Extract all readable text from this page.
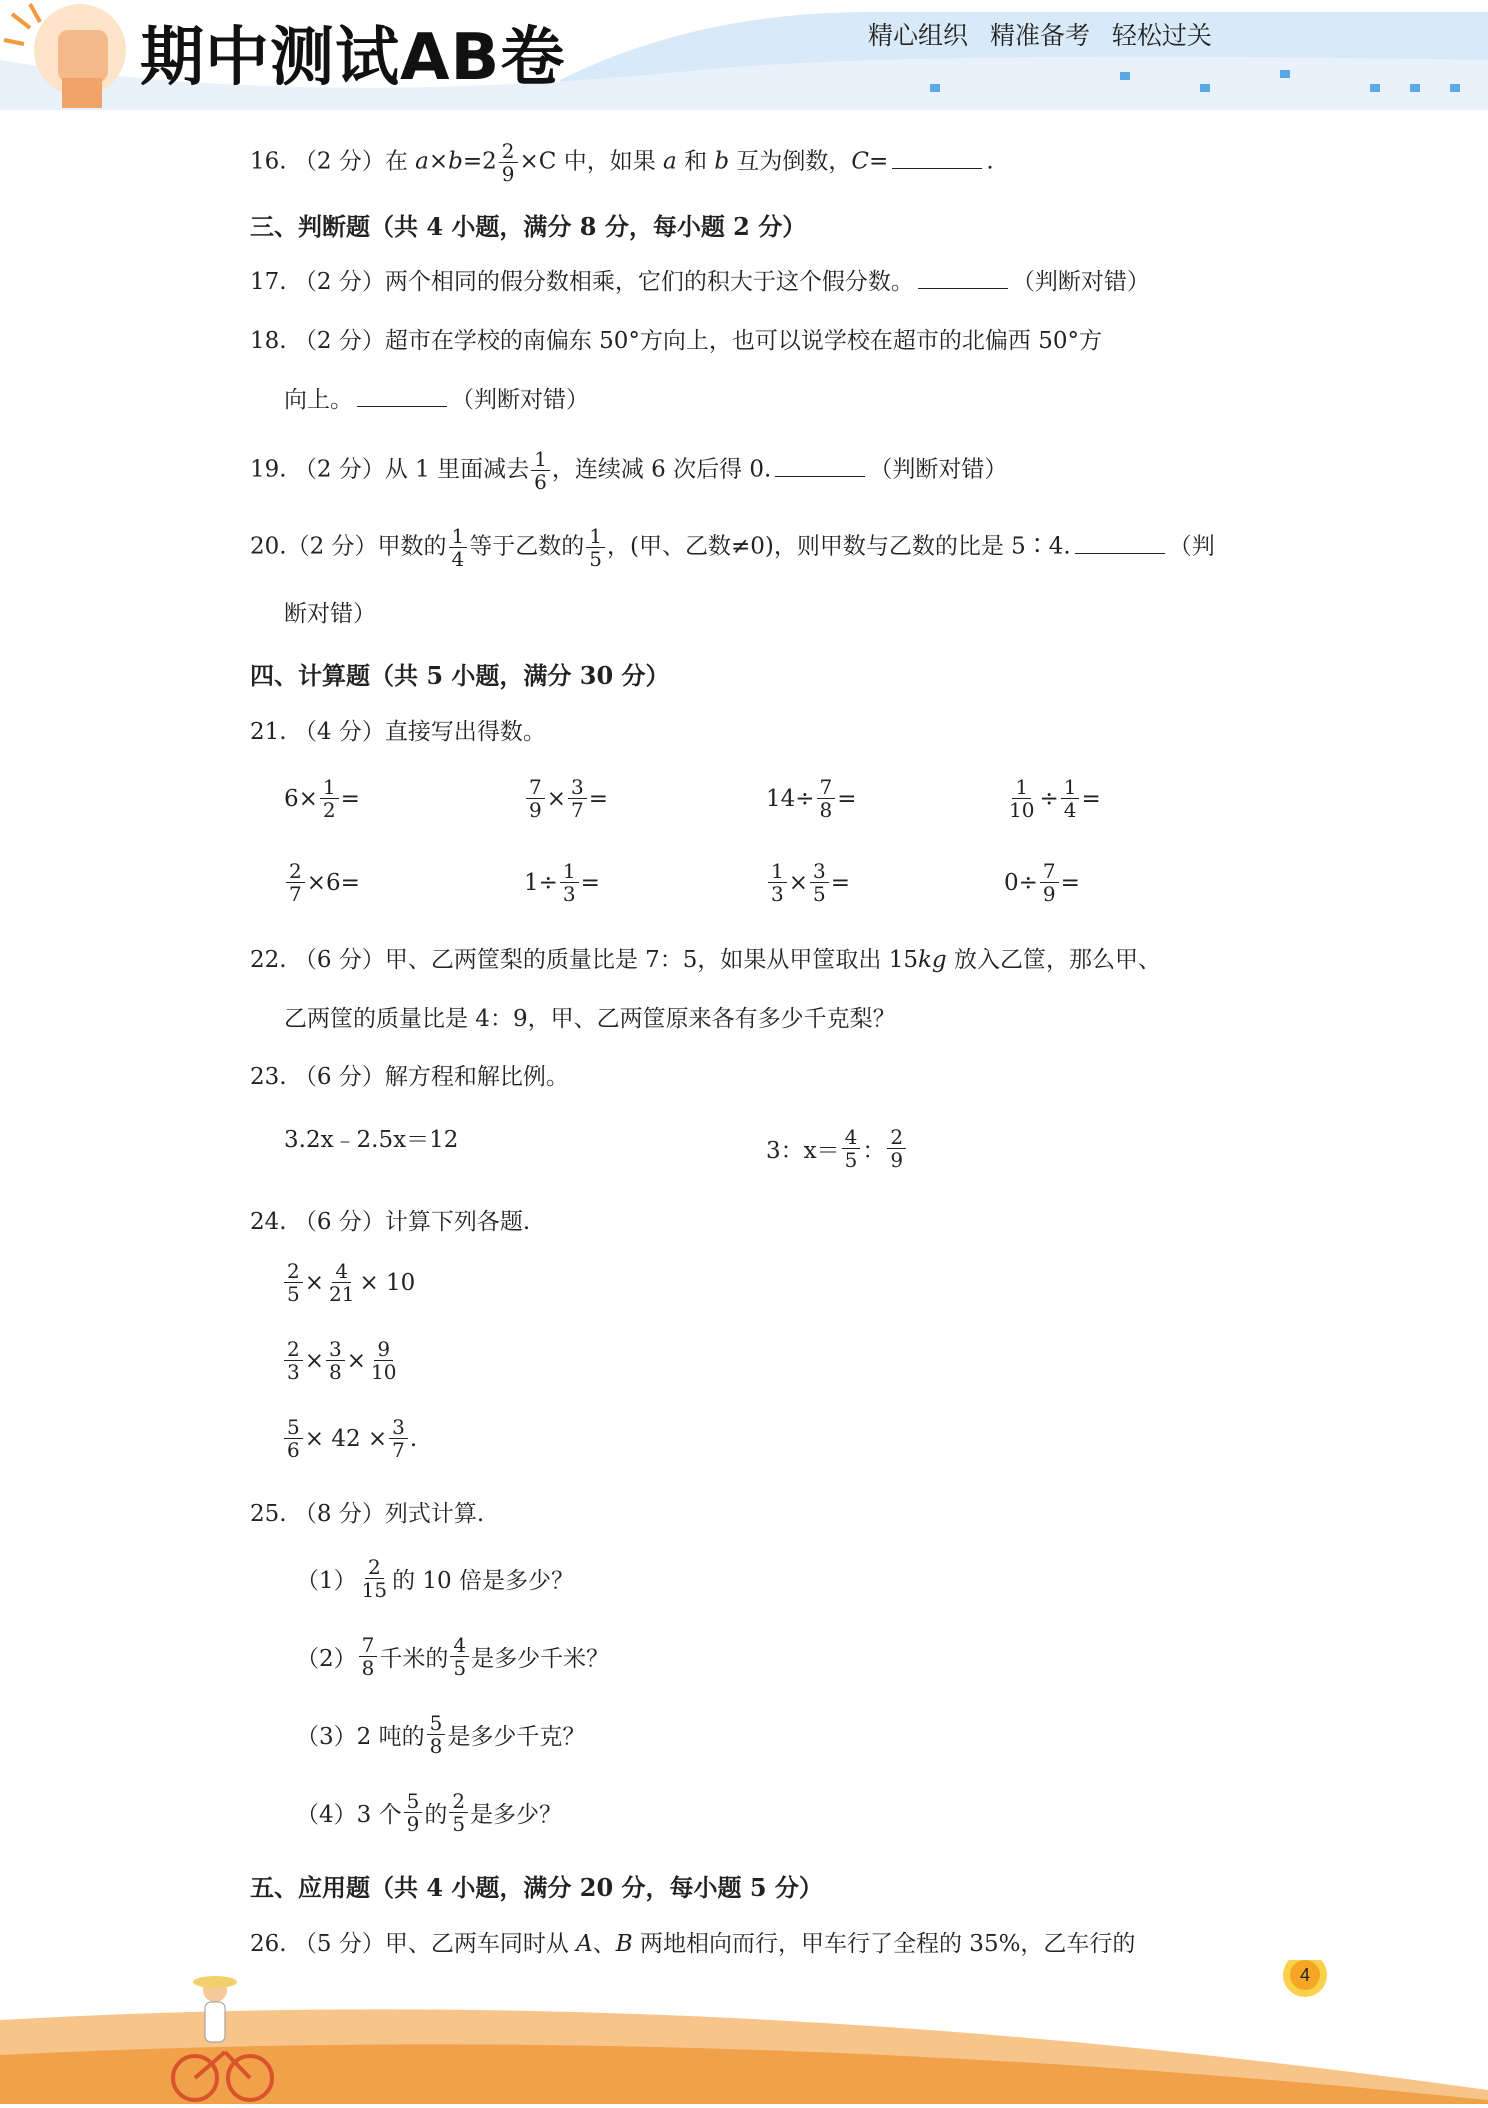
期中测试AB卷	精心组织 精准备考 轻松过关
16. （2 分）在 $a\times b=2 \frac{2}{9} \times C$ 中，如果 a 和 b 互为倒数，C=	.
三、判断题（共 4 小题，满分 8 分，每小题 2 分）
17. （2 分）两个相同的假分数相乘，它们的积大于这个假分数。	（判断对错）
18. （2 分）超市在学校的南偏东 50°方向上，也可以说学校在超市的北偏西 50°方
向上。	（判断对错）
19. （2 分）从 1 里面减去 $\frac{1}{6}$ ，连续减 6 次后得 0.	（判断对错）
20.（2 分）甲数的 $\frac{1}{4}$ 等于乙数的 $\frac{1}{5}$ ，(甲、乙数≠0)，则甲数与乙数的比是 5∶4.	（判
断对错）
四、计算题（共 5 小题，满分 30 分）
21. （4 分）直接写出得数。
$6\times \frac{1}{2}$ =	$\frac{7}{9} \times \frac{3}{7}$ =	$14\div \frac{7}{8}$ =	$\frac{1}{10} \div \frac{1}{4}$ =
$\frac{2}{7} \times 6=$	$1\div \frac{1}{3}$ =	$\frac{1}{3} \times \frac{3}{5}$ =	$0\div \frac{7}{9}$ =
22. （6 分）甲、乙两筐梨的质量比是 7：5，如果从甲筐取出 15kg 放入乙筐，那么甲、
乙两筐的质量比是 4：9，甲、乙两筐原来各有多少千克梨？
23. （6 分）解方程和解比例。
3.2x﹣2.5x＝12	3：$x= \frac{4}{5}$ ： $\frac{2}{9}$
24. （6 分）计算下列各题.
$\frac{2}{5} \times \frac{4}{21} \times 10$
$\frac{2}{3} \times \frac{3}{8} \times \frac{9}{10}$
$\frac{5}{6} \times 42 \times \frac{3}{7}$ .
25. （8 分）列式计算.
$(1) \frac{2}{15}$ 的 10 倍是多少？
$(2) \frac{7}{8}$ 千米的 $\frac{4}{5}$ 是多少千米？
（3）2 吨的 $\frac{5}{8}$ 是多少千克？
（4）3 个 $\frac{5}{9}$ 的 $\frac{2}{5}$ 是多少？
五、应用题（共 4 小题，满分 20 分，每小题 5 分）
26. （5 分）甲、乙两车同时从 A、B 两地相向而行，甲车行了全程的 35%，乙车行的
4
